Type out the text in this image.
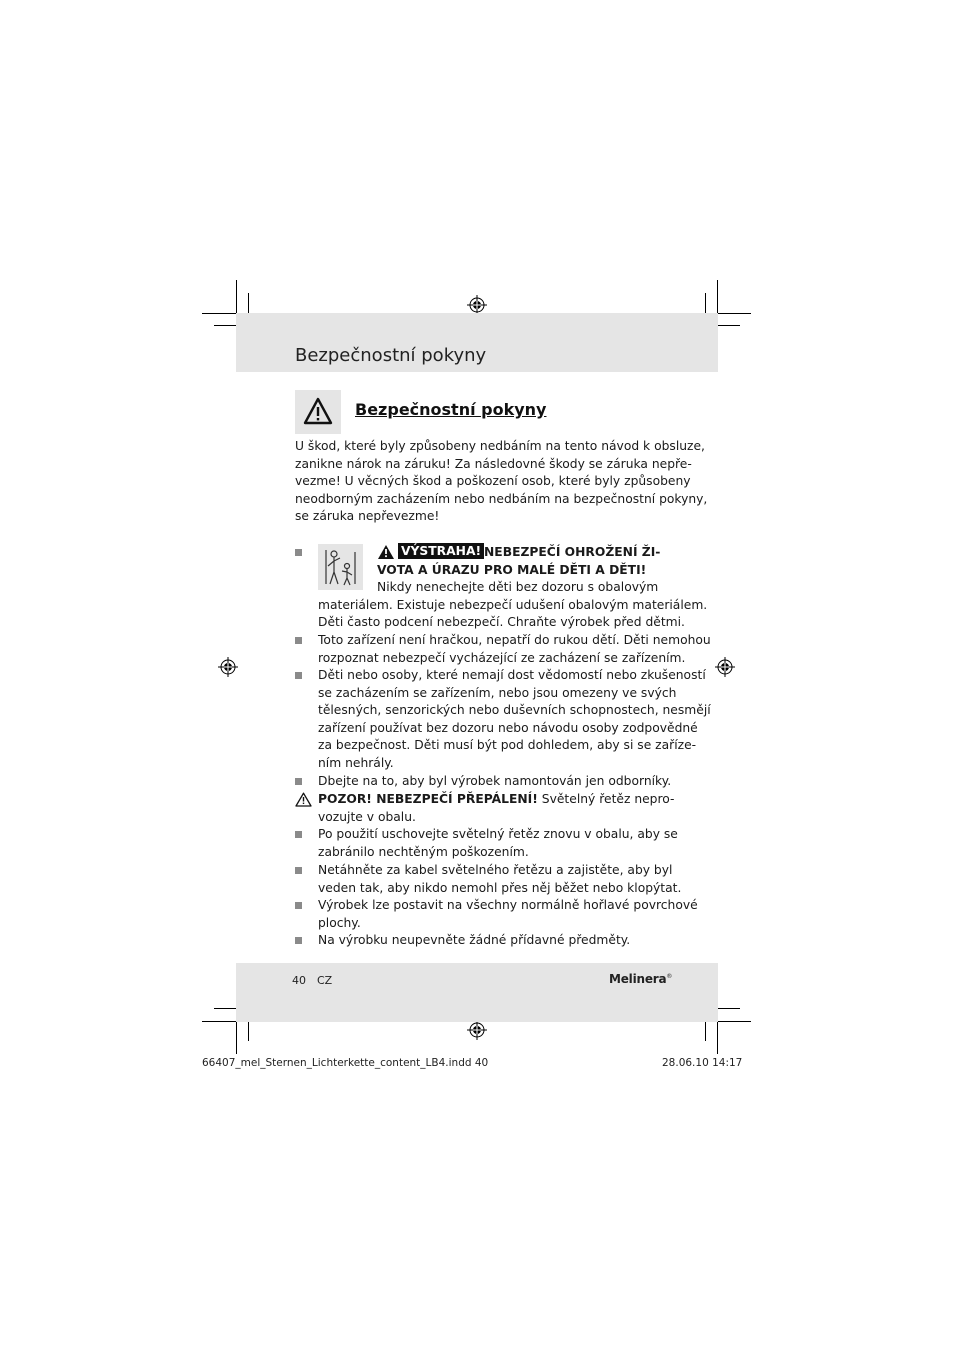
Bezpečnostní pokyny
Bezpečnostní pokyny
U škod, které byly způsobeny nedbáním na tento návod k obsluze,
zanikne nárok na záruku! Za následovné škody se záruka nepře-
vezme! U věcných škod a poškození osob, které byly způsobeny
neodborným zacházením nebo nedbáním na bezpečnostní pokyny,
se záruka nepřevezme!
VÝSTRAHA! NEBEZPEČÍ OHROŽENÍ ŽI-
VOTA A ÚRAZU PRO MALÉ DĚTI A DĚTI!
Nikdy nenechejte děti bez dozoru s obalovým
materiálem. Existuje nebezpečí udušení obalovým materiálem.
Děti často podcení nebezpečí. Chraňte výrobek před dětmi.
Toto zařízení není hračkou, nepatří do rukou dětí. Děti nemohou
rozpoznat nebezpečí vycházející ze zacházení se zařízením.
Děti nebo osoby, které nemají dost vědomostí nebo zkušeností
se zacházením se zařízením, nebo jsou omezeny ve svých
tělesných, senzorických nebo duševních schopnostech, nesmějí
zařízení používat bez dozoru nebo návodu osoby zodpovědné
za bezpečnost. Děti musí být pod dohledem, aby si se zaříze-
ním nehrály.
Dbejte na to, aby byl výrobek namontován jen odborníky.
POZOR! NEBEZPEČÍ PŘEPÁLENÍ! Světelný řetěz nepro-
vozujte v obalu.
Po použití uschovejte světelný řetěz znovu v obalu, aby se
zabránilo nechtěným poškozením.
Netáhněte za kabel světelného řetězu a zajistěte, aby byl
veden tak, aby nikdo nemohl přes něj běžet nebo klopýtat.
Výrobek lze postavit na všechny normálně hořlavé povrchové
plochy.
Na výrobku neupevněte žádné přídavné předměty.
40 CZ	Melinera®
66407_mel_Sternen_Lichterkette_content_LB4.indd 40	28.06.10 14:17
